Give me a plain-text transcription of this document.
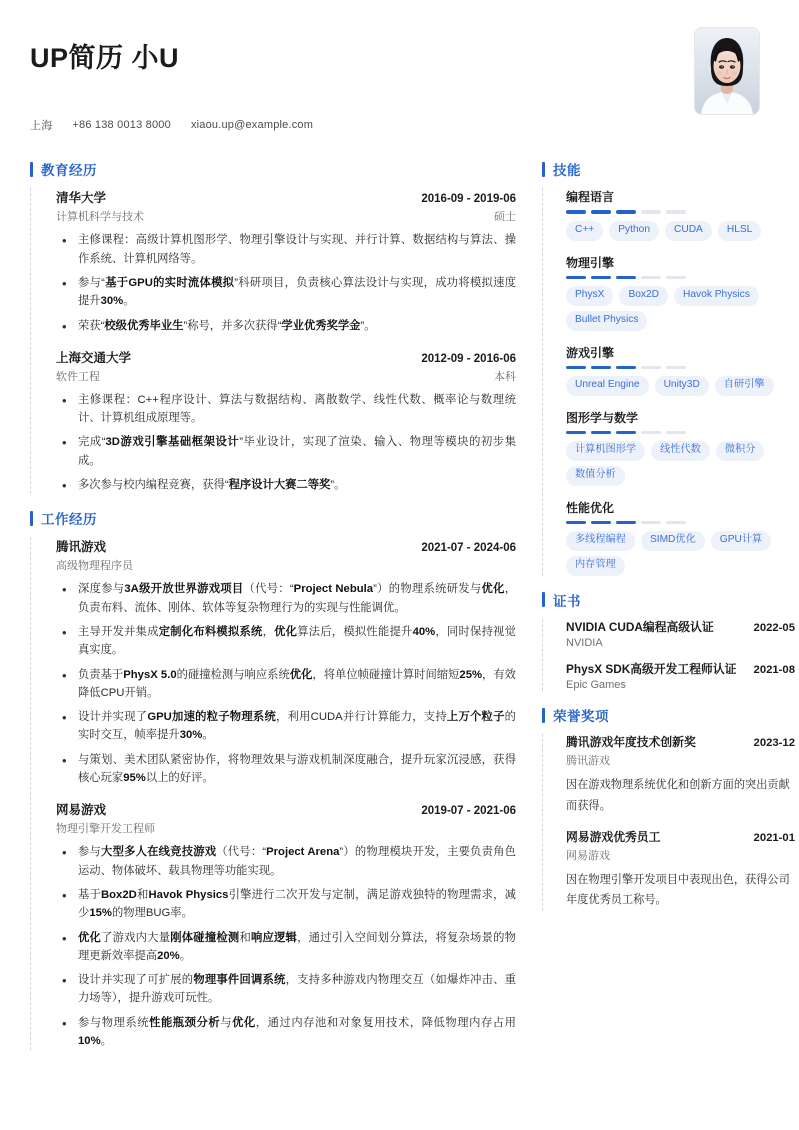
UP简历 小U
上海 +86 138 0013 8000 xiaou.up@example.com
教育经历
清华大学	2016-09 - 2019-06
计算机科学与技术	硕士
• 主修课程：高级计算机图形学、物理引擎设计与实现、并行计算、数据结构与算法、操作系统、计算机网络等。
• 参与“基于GPU的实时流体模拟”科研项目，负责核心算法设计与实现，成功将模拟速度提升30%。
• 荣获“校级优秀毕业生”称号，并多次获得“学业优秀奖学金”。
上海交通大学	2012-09 - 2016-06
软件工程	本科
• 主修课程：C++程序设计、算法与数据结构、离散数学、线性代数、概率论与数理统计、计算机组成原理等。
• 完成“3D游戏引擎基础框架设计”毕业设计，实现了渲染、输入、物理等模块的初步集成。
• 多次参与校内编程竞赛，获得“程序设计大赛二等奖”。
工作经历
腾讯游戏	2021-07 - 2024-06
高级物理程序员
• 深度参与3A级开放世界游戏项目（代号：“Project Nebula”）的物理系统研发与优化，负责布料、流体、刚体、软体等复杂物理行为的实现与性能调优。
• 主导开发并集成定制化布料模拟系统，优化算法后，模拟性能提升40%，同时保持视觉真实度。
• 负责基于PhysX 5.0的碰撞检测与响应系统优化，将单位帧碰撞计算时间缩短25%，有效降低CPU开销。
• 设计并实现了GPU加速的粒子物理系统，利用CUDA并行计算能力，支持上万个粒子的实时交互，帧率提升30%。
• 与策划、美术团队紧密协作，将物理效果与游戏机制深度融合，提升玩家沉浸感，获得核心玩家95%以上的好评。
网易游戏	2019-07 - 2021-06
物理引擎开发工程师
• 参与大型多人在线竞技游戏（代号：“Project Arena”）的物理模块开发，主要负责角色运动、物体破坏、载具物理等功能实现。
• 基于Box2D和Havok Physics引擎进行二次开发与定制，满足游戏独特的物理需求，减少15%的物理BUG率。
• 优化了游戏内大量刚体碰撞检测和响应逻辑，通过引入空间划分算法，将复杂场景的物理更新效率提高20%。
• 设计并实现了可扩展的物理事件回调系统，支持多种游戏内物理交互（如爆炸冲击、重力场等），提升游戏可玩性。
• 参与物理系统性能瓶颈分析与优化，通过内存池和对象复用技术，降低物理内存占用10%。
技能
编程语言
C++	Python	CUDA	HLSL
物理引擎
PhysX	Box2D	Havok Physics
Bullet Physics
游戏引擎
Unreal Engine	Unity3D	自研引擎
图形学与数学
计算机图形学	线性代数	微积分
数值分析
性能优化
多线程编程	SIMD优化	GPU计算
内存管理
证书
NVIDIA CUDA编程高级认证	2022-05
NVIDIA
PhysX SDK高级开发工程师认证 2021-08
Epic Games
荣誉奖项
腾讯游戏年度技术创新奖	2023-12
腾讯游戏
因在游戏物理系统优化和创新方面的突出贡献而获得。
网易游戏优秀员工	2021-01
网易游戏
因在物理引擎开发项目中表现出色，获得公司年度优秀员工称号。
